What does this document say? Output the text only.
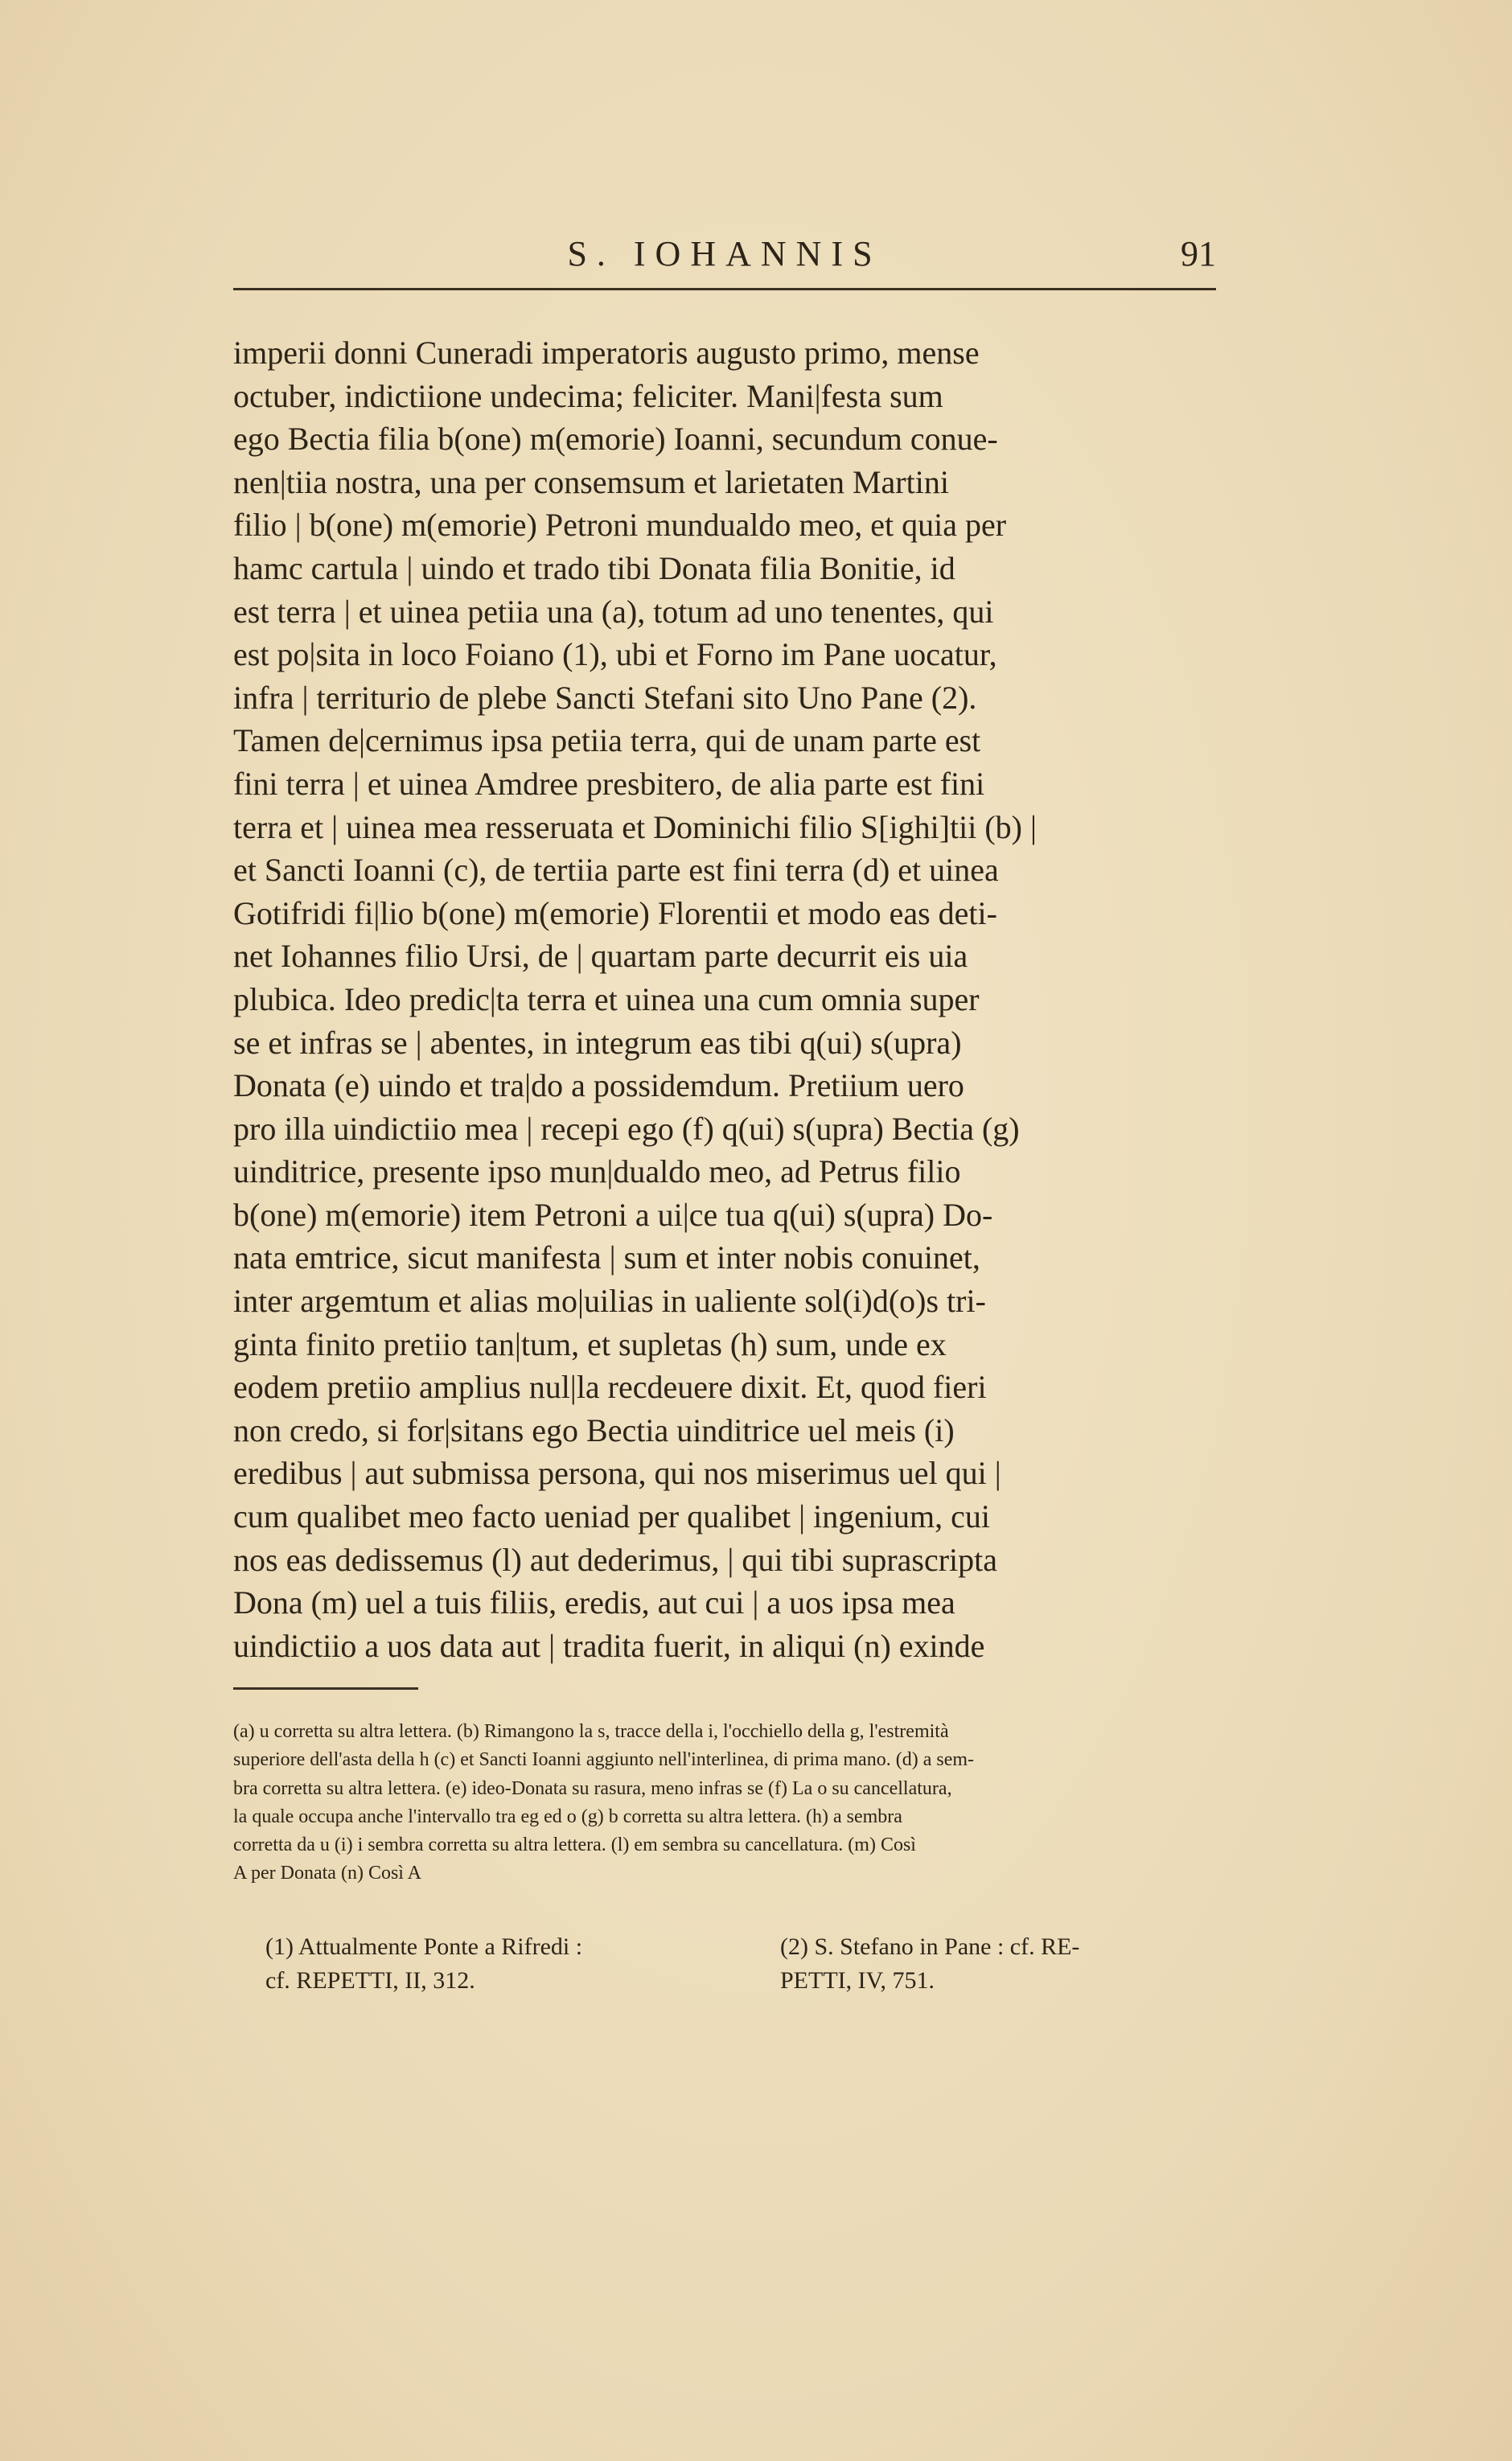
S. IOHANNIS	91
imperii donni Cuneradi imperatoris augusto primo, mense
octuber, indictiione undecima; feliciter. Mani|festa sum
ego Bectia filia b(one) m(emorie) Ioanni, secundum conue-
nen|tiia nostra, una per consemsum et larietaten Martini
filio | b(one) m(emorie) Petroni mundualdo meo, et quia per
hamc cartula | uindo et trado tibi Donata filia Bonitie, id
est terra | et uinea petiia una (a), totum ad uno tenentes, qui
est po|sita in loco Foiano (1), ubi et Forno im Pane uocatur,
infra | territurio de plebe Sancti Stefani sito Uno Pane (2).
Tamen de|cernimus ipsa petiia terra, qui de unam parte est
fini terra | et uinea Amdree presbitero, de alia parte est fini
terra et | uinea mea resseruata et Dominichi filio S[ighi]tii (b) |
et Sancti Ioanni (c), de tertiia parte est fini terra (d) et uinea
Gotifridi fi|lio b(one) m(emorie) Florentii et modo eas deti-
net Iohannes filio Ursi, de | quartam parte decurrit eis uia
plubica. Ideo predic|ta terra et uinea una cum omnia super
se et infras se | abentes, in integrum eas tibi q(ui) s(upra)
Donata (e) uindo et tra|do a possidemdum. Pretiium uero
pro illa uindictiio mea | recepi ego (f) q(ui) s(upra) Bectia (g)
uinditrice, presente ipso mun|dualdo meo, ad Petrus filio
b(one) m(emorie) item Petroni a ui|ce tua q(ui) s(upra) Do-
nata emtrice, sicut manifesta | sum et inter nobis conuinet,
inter argemtum et alias mo|uilias in ualiente sol(i)d(o)s tri-
ginta finito pretiio tan|tum, et supletas (h) sum, unde ex
eodem pretiio amplius nul|la recdeuere dixit. Et, quod fieri
non credo, si for|sitans ego Bectia uinditrice uel meis (i)
eredibus | aut submissa persona, qui nos miserimus uel qui |
cum qualibet meo facto ueniad per qualibet | ingenium, cui
nos eas dedissemus (l) aut dederimus, | qui tibi suprascripta
Dona (m) uel a tuis filiis, eredis, aut cui | a uos ipsa mea
uindictiio a uos data aut | tradita fuerit, in aliqui (n) exinde
(a) u corretta su altra lettera. (b) Rimangono la s, tracce della i, l'occhiello della g, l'estremità
superiore dell'asta della h (c) et Sancti Ioanni aggiunto nell'interlinea, di prima mano. (d) a sem-
bra corretta su altra lettera. (e) ideo-Donata su rasura, meno infras se (f) La o su cancellatura,
la quale occupa anche l'intervallo tra eg ed o (g) b corretta su altra lettera. (h) a sembra
corretta da u (i) i sembra corretta su altra lettera. (l) em sembra su cancellatura. (m) Così
A per Donata (n) Così A
(1) Attualmente Ponte a Rifredi :
cf. REPETTI, II, 312.
(2) S. Stefano in Pane : cf. RE-
PETTI, IV, 751.
